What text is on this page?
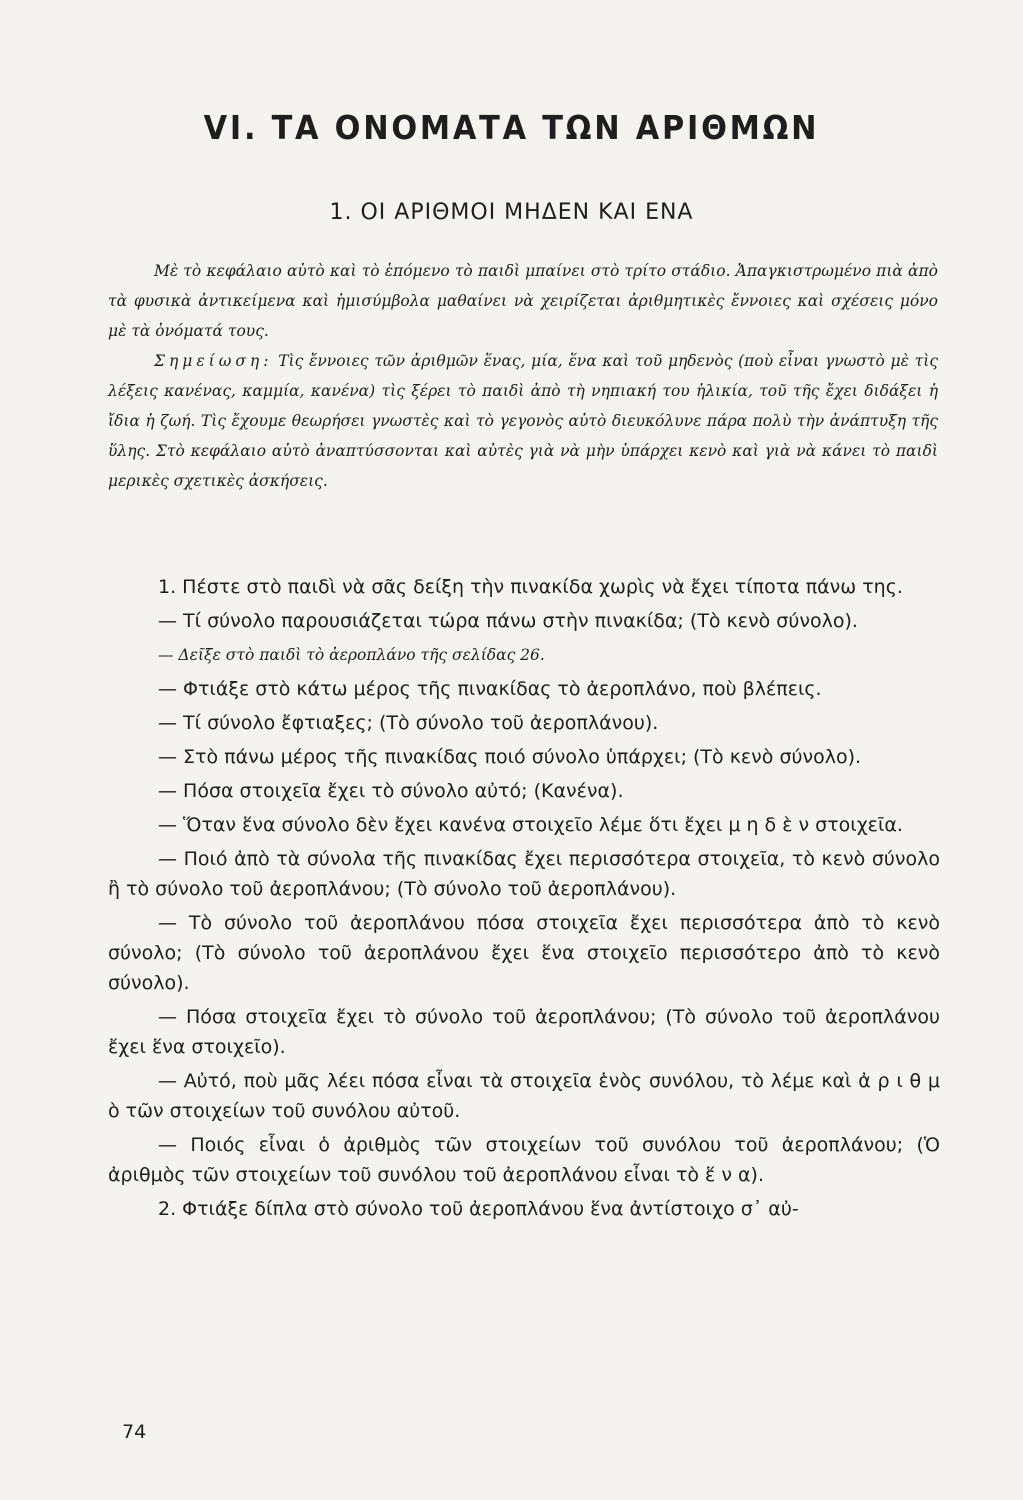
VI. ΤΑ ΟΝΟΜΑΤΑ ΤΩΝ ΑΡΙΘΜΩΝ
1. ΟΙ ΑΡΙΘΜΟΙ ΜΗΔΕΝ ΚΑΙ ΕΝΑ

Μὲ τὸ κεφάλαιο αὐτὸ καὶ τὸ ἑπόμενο τὸ παιδὶ μπαίνει στὸ τρίτο στάδιο. Ἀπαγκιστρωμένο πιὰ ἀπὸ τὰ φυσικὰ ἀντικείμενα καὶ ἡμισύμβολα μαθαίνει νὰ χειρίζεται ἀριθμητικὲς ἔννοιες καὶ σχέσεις μόνο μὲ τὰ ὀνόματά τους.

Σημείωση: Τὶς ἔννοιες τῶν ἀριθμῶν ἕνας, μία, ἕνα καὶ τοῦ μηδενὸς (ποὺ εἶναι γνωστὸ μὲ τὶς λέξεις κανένας, καμμία, κανένα) τὶς ξέρει τὸ παιδὶ ἀπὸ τὴ νηπιακή του ἡλικία, τοῦ τῆς ἔχει διδάξει ἡ ἴδια ἡ ζωή. Τὶς ἔχουμε θεωρήσει γνωστὲς καὶ τὸ γεγονὸς αὐτὸ διευκόλυνε πάρα πολὺ τὴν ἀνάπτυξη τῆς ὕλης. Στὸ κεφάλαιο αὐτὸ ἀναπτύσσονται καὶ αὐτὲς γιὰ νὰ μὴν ὑπάρχει κενὸ καὶ γιὰ νὰ κάνει τὸ παιδὶ μερικὲς σχετικὲς ἀσκήσεις.

1. Πέστε στὸ παιδὶ νὰ σᾶς δείξη τὴν πινακίδα χωρὶς νὰ ἔχει τίποτα πάνω της.

— Τί σύνολο παρουσιάζεται τώρα πάνω στὴν πινακίδα; (Τὸ κενὸ σύνολο).

— Δεῖξε στὸ παιδὶ τὸ ἀεροπλάνο τῆς σελίδας 26.

— Φτιάξε στὸ κάτω μέρος τῆς πινακίδας τὸ ἀεροπλάνο, ποὺ βλέπεις.

— Τί σύνολο ἔφτιαξες; (Τὸ σύνολο τοῦ ἀεροπλάνου).

— Στὸ πάνω μέρος τῆς πινακίδας ποιό σύνολο ὑπάρχει; (Τὸ κενὸ σύνολο).

— Πόσα στοιχεῖα ἔχει τὸ σύνολο αὐτό; (Κανένα).

— Ὅταν ἕνα σύνολο δὲν ἔχει κανένα στοιχεῖο λέμε ὅτι ἔχει μ η δ ὲ ν στοιχεῖα.

— Ποιό ἀπὸ τὰ σύνολα τῆς πινακίδας ἔχει περισσότερα στοιχεῖα, τὸ κενὸ σύνολο ἢ τὸ σύνολο τοῦ ἀεροπλάνου; (Τὸ σύνολο τοῦ ἀεροπλάνου).

— Τὸ σύνολο τοῦ ἀεροπλάνου πόσα στοιχεῖα ἔχει περισσότερα ἀπὸ τὸ κενὸ σύνολο; (Τὸ σύνολο τοῦ ἀεροπλάνου ἔχει ἕνα στοιχεῖο περισσότερο ἀπὸ τὸ κενὸ σύνολο).

— Πόσα στοιχεῖα ἔχει τὸ σύνολο τοῦ ἀεροπλάνου; (Τὸ σύνολο τοῦ ἀεροπλάνου ἔχει ἕνα στοιχεῖο).

— Αὐτό, ποὺ μᾶς λέει πόσα εἶναι τὰ στοιχεῖα ἑνὸς συνόλου, τὸ λέμε καὶ ἀ ρ ι θ μ ὸ τῶν στοιχείων τοῦ συνόλου αὐτοῦ.

— Ποιός εἶναι ὁ ἀριθμὸς τῶν στοιχείων τοῦ συνόλου τοῦ ἀεροπλάνου; (Ὁ ἀριθμὸς τῶν στοιχείων τοῦ συνόλου τοῦ ἀεροπλάνου εἶναι τὸ ἕ ν α).

2. Φτιάξε δίπλα στὸ σύνολο τοῦ ἀεροπλάνου ἕνα ἀντίστοιχο σ᾽ αὐ-

74
